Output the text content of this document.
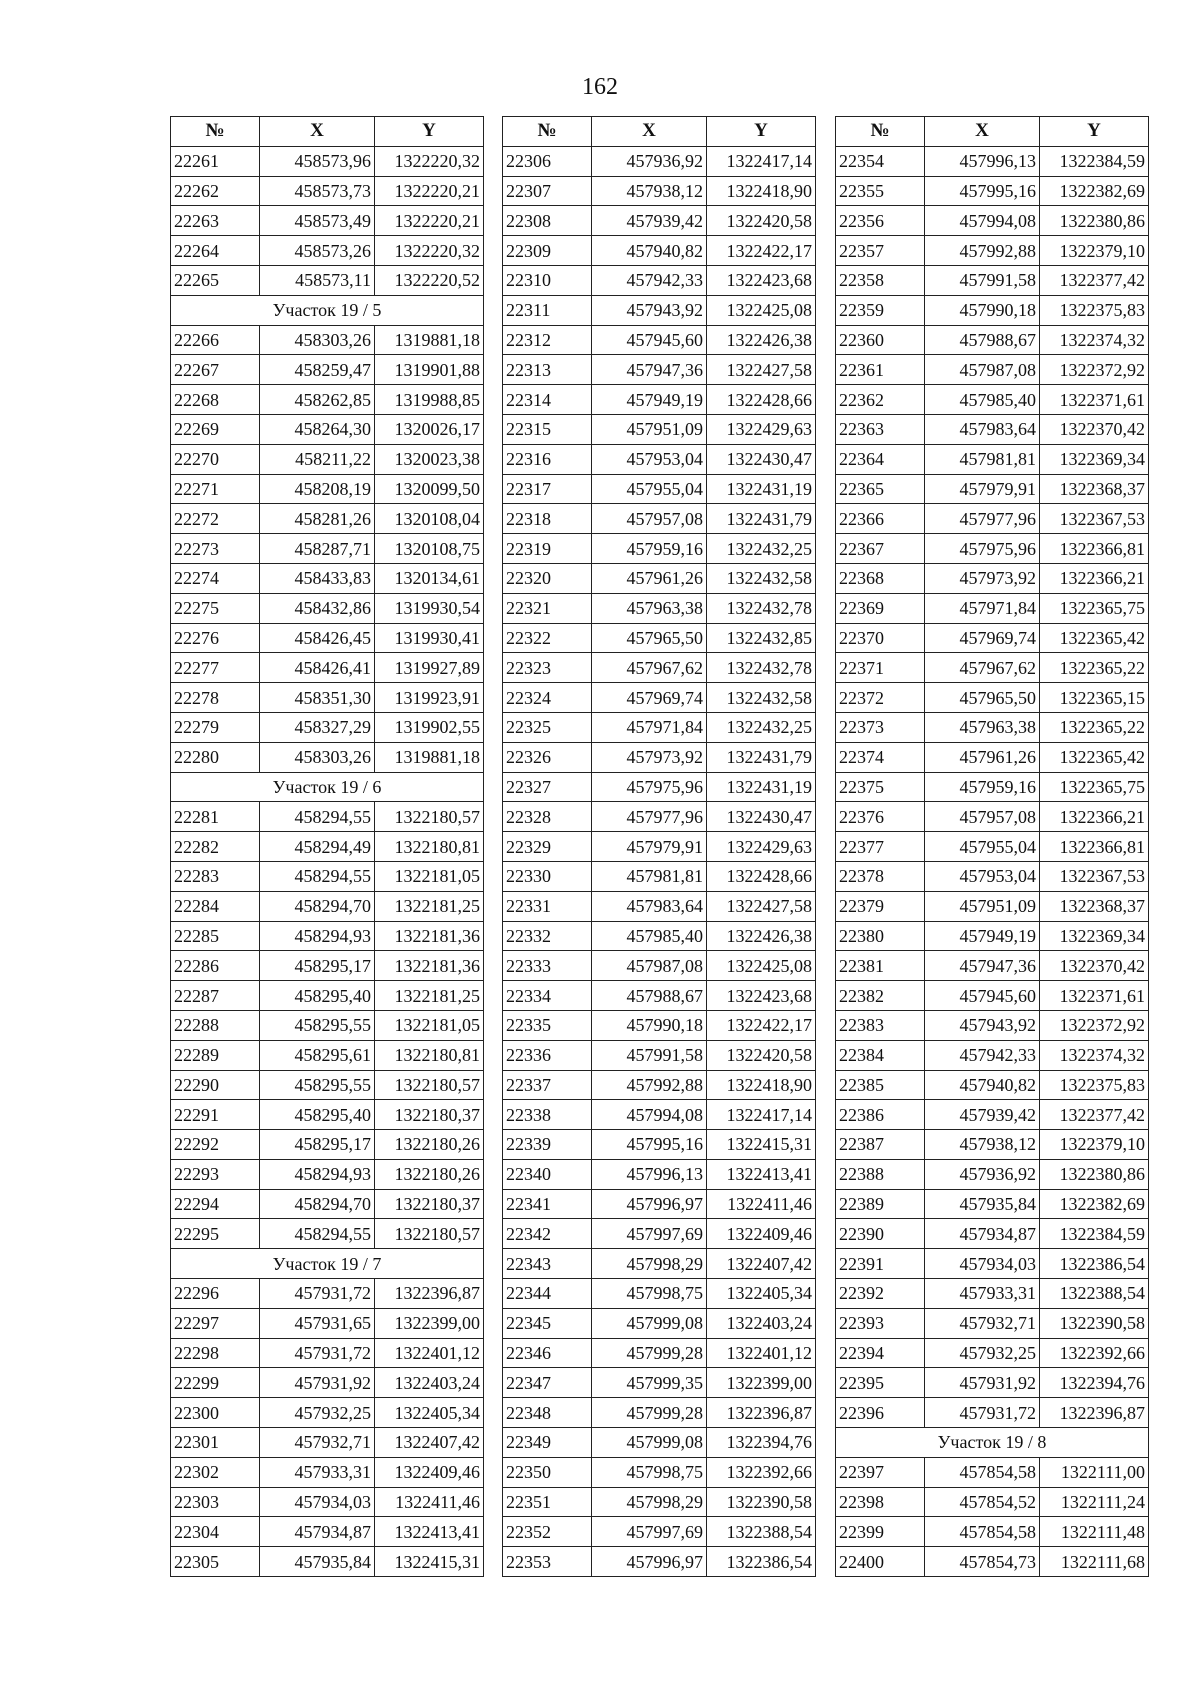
162
№	X	Y
22261	458573,96	1322220,32
22262	458573,73	1322220,21
22263	458573,49	1322220,21
22264	458573,26	1322220,32
22265	458573,11	1322220,52
Участок 19 / 5		
22266	458303,26	1319881,18
22267	458259,47	1319901,88
22268	458262,85	1319988,85
22269	458264,30	1320026,17
22270	458211,22	1320023,38
22271	458208,19	1320099,50
22272	458281,26	1320108,04
22273	458287,71	1320108,75
22274	458433,83	1320134,61
22275	458432,86	1319930,54
22276	458426,45	1319930,41
22277	458426,41	1319927,89
22278	458351,30	1319923,91
22279	458327,29	1319902,55
22280	458303,26	1319881,18
Участок 19 / 6		
22281	458294,55	1322180,57
22282	458294,49	1322180,81
22283	458294,55	1322181,05
22284	458294,70	1322181,25
22285	458294,93	1322181,36
22286	458295,17	1322181,36
22287	458295,40	1322181,25
22288	458295,55	1322181,05
22289	458295,61	1322180,81
22290	458295,55	1322180,57
22291	458295,40	1322180,37
22292	458295,17	1322180,26
22293	458294,93	1322180,26
22294	458294,70	1322180,37
22295	458294,55	1322180,57
Участок 19 / 7		
22296	457931,72	1322396,87
22297	457931,65	1322399,00
22298	457931,72	1322401,12
22299	457931,92	1322403,24
22300	457932,25	1322405,34
22301	457932,71	1322407,42
22302	457933,31	1322409,46
22303	457934,03	1322411,46
22304	457934,87	1322413,41
22305	457935,84	1322415,31
№	X	Y
22306	457936,92	1322417,14
22307	457938,12	1322418,90
22308	457939,42	1322420,58
22309	457940,82	1322422,17
22310	457942,33	1322423,68
22311	457943,92	1322425,08
22312	457945,60	1322426,38
22313	457947,36	1322427,58
22314	457949,19	1322428,66
22315	457951,09	1322429,63
22316	457953,04	1322430,47
22317	457955,04	1322431,19
22318	457957,08	1322431,79
22319	457959,16	1322432,25
22320	457961,26	1322432,58
22321	457963,38	1322432,78
22322	457965,50	1322432,85
22323	457967,62	1322432,78
22324	457969,74	1322432,58
22325	457971,84	1322432,25
22326	457973,92	1322431,79
22327	457975,96	1322431,19
22328	457977,96	1322430,47
22329	457979,91	1322429,63
22330	457981,81	1322428,66
22331	457983,64	1322427,58
22332	457985,40	1322426,38
22333	457987,08	1322425,08
22334	457988,67	1322423,68
22335	457990,18	1322422,17
22336	457991,58	1322420,58
22337	457992,88	1322418,90
22338	457994,08	1322417,14
22339	457995,16	1322415,31
22340	457996,13	1322413,41
22341	457996,97	1322411,46
22342	457997,69	1322409,46
22343	457998,29	1322407,42
22344	457998,75	1322405,34
22345	457999,08	1322403,24
22346	457999,28	1322401,12
22347	457999,35	1322399,00
22348	457999,28	1322396,87
22349	457999,08	1322394,76
22350	457998,75	1322392,66
22351	457998,29	1322390,58
22352	457997,69	1322388,54
22353	457996,97	1322386,54
№	X	Y
22354	457996,13	1322384,59
22355	457995,16	1322382,69
22356	457994,08	1322380,86
22357	457992,88	1322379,10
22358	457991,58	1322377,42
22359	457990,18	1322375,83
22360	457988,67	1322374,32
22361	457987,08	1322372,92
22362	457985,40	1322371,61
22363	457983,64	1322370,42
22364	457981,81	1322369,34
22365	457979,91	1322368,37
22366	457977,96	1322367,53
22367	457975,96	1322366,81
22368	457973,92	1322366,21
22369	457971,84	1322365,75
22370	457969,74	1322365,42
22371	457967,62	1322365,22
22372	457965,50	1322365,15
22373	457963,38	1322365,22
22374	457961,26	1322365,42
22375	457959,16	1322365,75
22376	457957,08	1322366,21
22377	457955,04	1322366,81
22378	457953,04	1322367,53
22379	457951,09	1322368,37
22380	457949,19	1322369,34
22381	457947,36	1322370,42
22382	457945,60	1322371,61
22383	457943,92	1322372,92
22384	457942,33	1322374,32
22385	457940,82	1322375,83
22386	457939,42	1322377,42
22387	457938,12	1322379,10
22388	457936,92	1322380,86
22389	457935,84	1322382,69
22390	457934,87	1322384,59
22391	457934,03	1322386,54
22392	457933,31	1322388,54
22393	457932,71	1322390,58
22394	457932,25	1322392,66
22395	457931,92	1322394,76
22396	457931,72	1322396,87
Участок 19 / 8		
22397	457854,58	1322111,00
22398	457854,52	1322111,24
22399	457854,58	1322111,48
22400	457854,73	1322111,68
